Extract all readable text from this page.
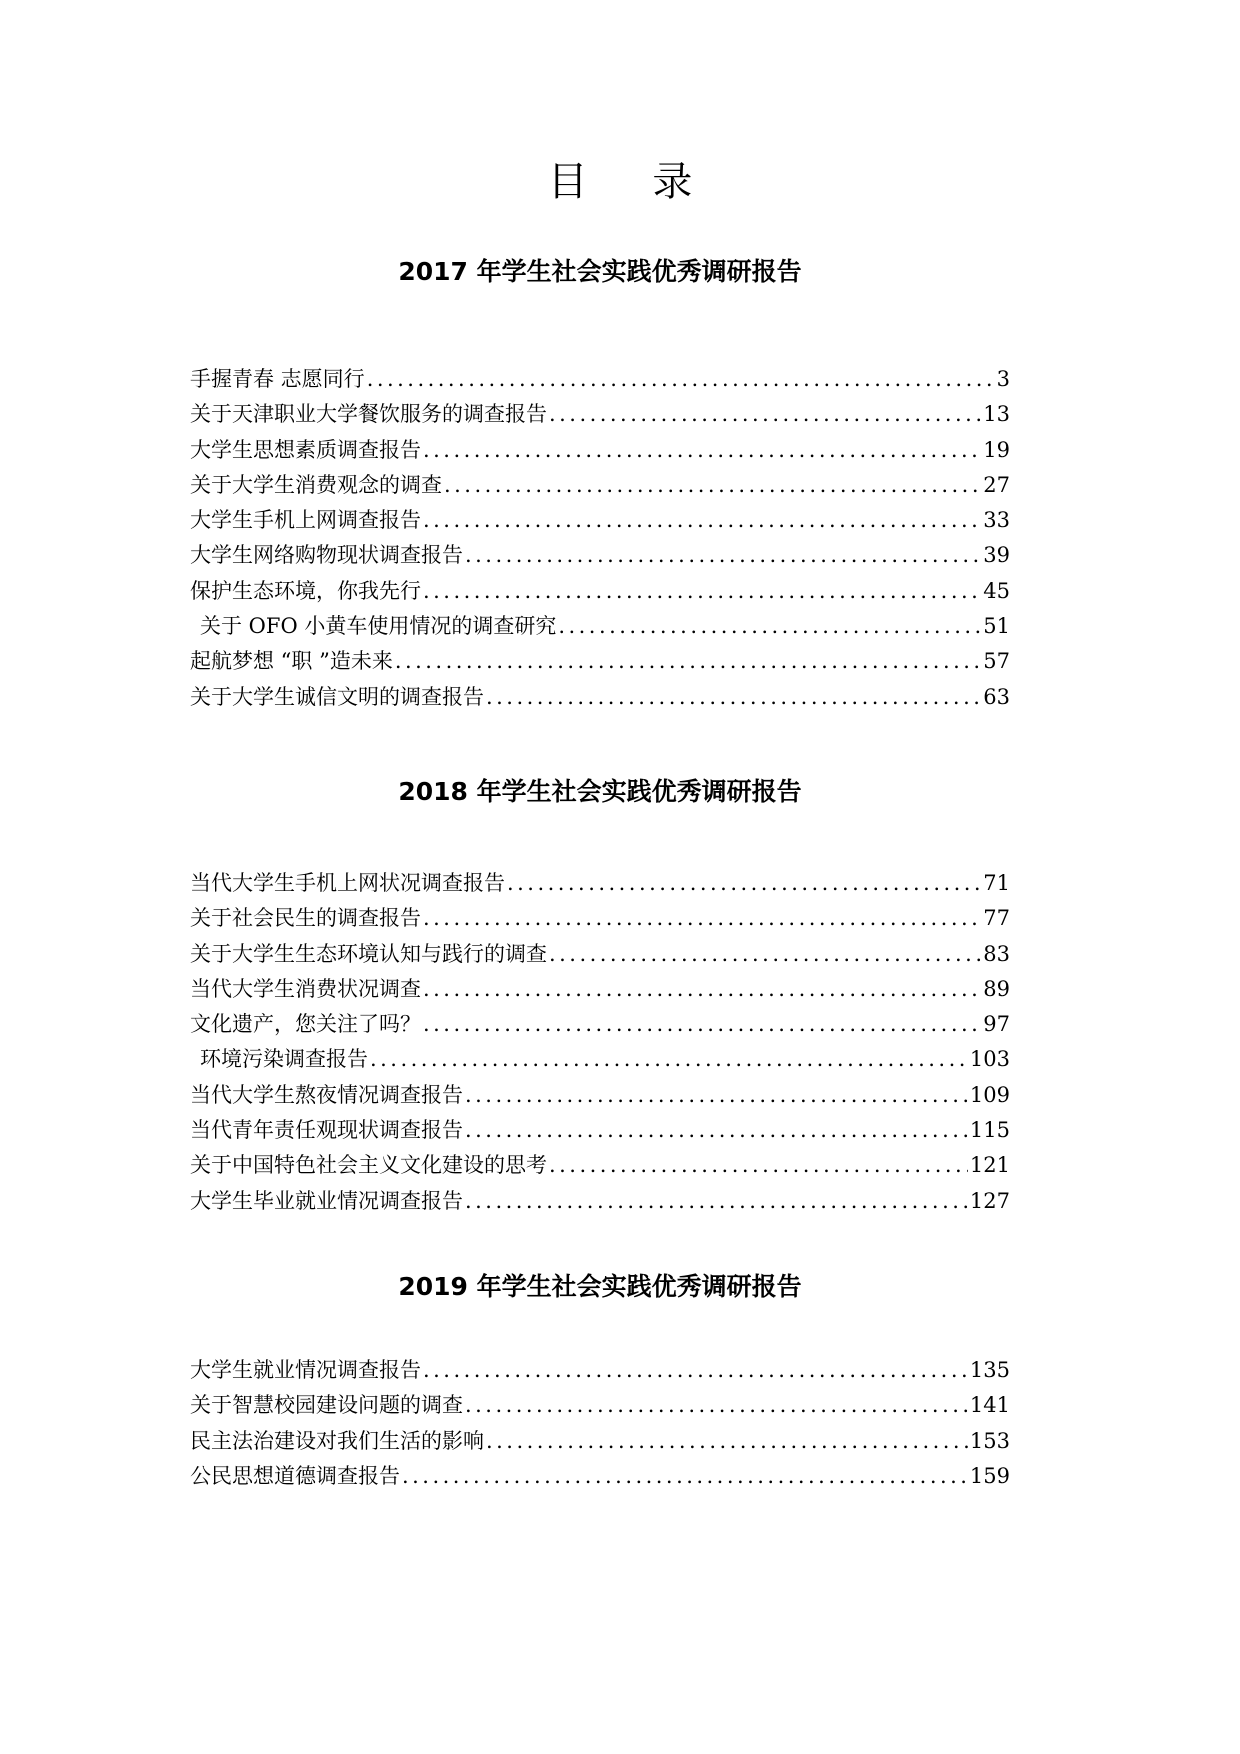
目 录
2017 年学生社会实践优秀调研报告
手握青春 志愿同行 . . .	3
关于天津职业大学餐饮服务的调查报告 . . .	13
大学生思想素质调查报告 . . .	19
关于大学生消费观念的调查 . . .	27
大学生手机上网调查报告 . . .	33
大学生网络购物现状调查报告 . . .	39
保护生态环境，你我先行 . . .	45
关于 OFO 小黄车使用情况的调查研究 . . .	51
起航梦想 “职 ”造未来 . . .	57
关于大学生诚信文明的调查报告 . . .	63
2018 年学生社会实践优秀调研报告
当代大学生手机上网状况调查报告 . . .	71
关于社会民生的调查报告 . . .	77
关于大学生生态环境认知与践行的调查 . . .	83
当代大学生消费状况调查 . . .	89
文化遗产，您关注了吗？ . . .	97
环境污染调查报告 . . .	103
当代大学生熬夜情况调查报告 . . .	109
当代青年责任观现状调查报告 . . .	115
关于中国特色社会主义文化建设的思考 . . .	121
大学生毕业就业情况调查报告 . . .	127
2019 年学生社会实践优秀调研报告
大学生就业情况调查报告 . . .	135
关于智慧校园建设问题的调查 . . .	141
民主法治建设对我们生活的影响 . . .	153
公民思想道德调查报告 . . .	159
